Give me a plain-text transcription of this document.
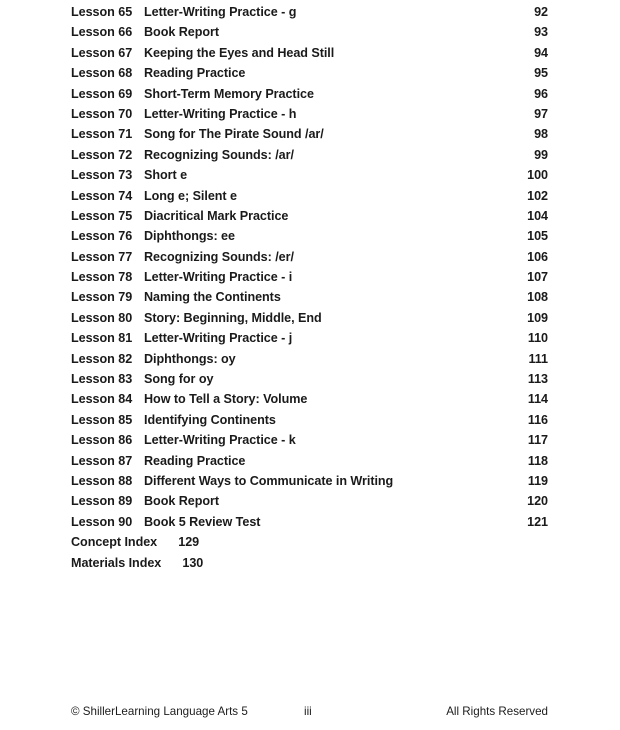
Lesson 65 Letter-Writing Practice - g	92
Lesson 66 Book Report	93
Lesson 67 Keeping the Eyes and Head Still	94
Lesson 68 Reading Practice	95
Lesson 69 Short-Term Memory Practice	96
Lesson 70 Letter-Writing Practice - h	97
Lesson 71 Song for The Pirate Sound /ar/	98
Lesson 72 Recognizing Sounds: /ar/	99
Lesson 73 Short e	100
Lesson 74 Long e; Silent e	102
Lesson 75 Diacritical Mark Practice	104
Lesson 76 Diphthongs: ee	105
Lesson 77 Recognizing Sounds: /er/	106
Lesson 78 Letter-Writing Practice - i	107
Lesson 79 Naming the Continents	108
Lesson 80 Story: Beginning, Middle, End	109
Lesson 81 Letter-Writing Practice - j	110
Lesson 82 Diphthongs: oy	111
Lesson 83 Song for oy	113
Lesson 84 How to Tell a Story: Volume	114
Lesson 85 Identifying Continents	116
Lesson 86 Letter-Writing Practice - k	117
Lesson 87 Reading Practice	118
Lesson 88 Different Ways to Communicate in Writing	119
Lesson 89 Book Report	120
Lesson 90 Book 5 Review Test	121
Concept Index	129
Materials Index	130
© ShillerLearning Language Arts 5	iii	All Rights Reserved
